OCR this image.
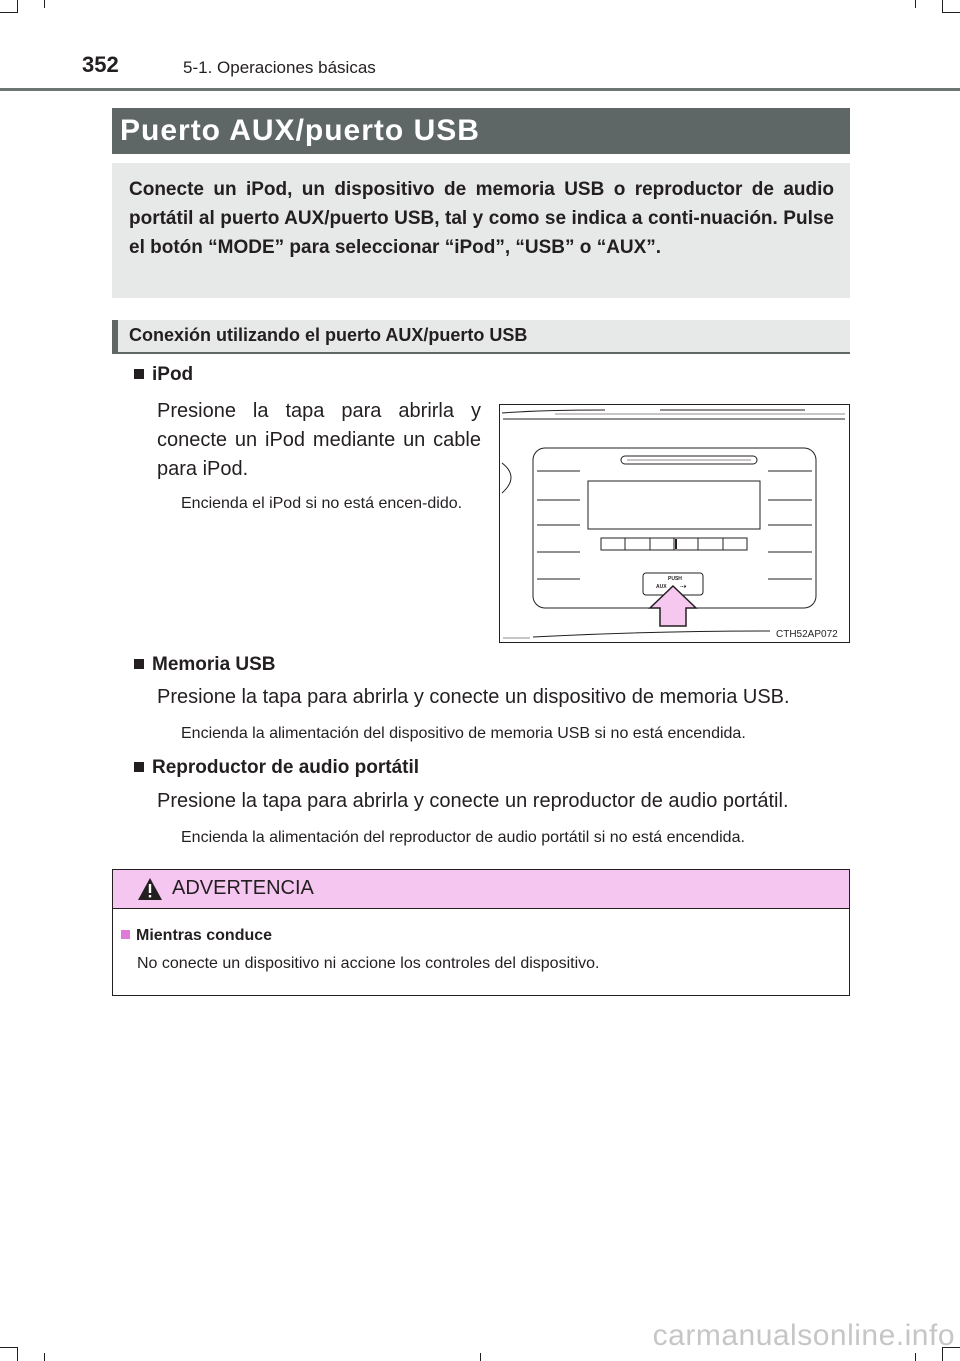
352	5-1. Operaciones básicas
Puerto AUX/puerto USB
Conecte un iPod, un dispositivo de memoria USB o reproductor de audio portátil al puerto AUX/puerto USB, tal y como se indica a conti-nuación. Pulse el botón “MODE” para seleccionar “iPod”, “USB” o “AUX”.
Conexión utilizando el puerto AUX/puerto USB
iPod
Presione la tapa para abrirla y conecte un iPod mediante un cable para iPod.
Encienda el iPod si no está encen-dido.
PUSH
AUX ⇢
CTH52AP072
Memoria USB
Presione la tapa para abrirla y conecte un dispositivo de memoria USB.
Encienda la alimentación del dispositivo de memoria USB si no está encendida.
Reproductor de audio portátil
Presione la tapa para abrirla y conecte un reproductor de audio portátil.
Encienda la alimentación del reproductor de audio portátil si no está encendida.
ADVERTENCIA
Mientras conduce
No conecte un dispositivo ni accione los controles del dispositivo.
carmanualsonline.info
